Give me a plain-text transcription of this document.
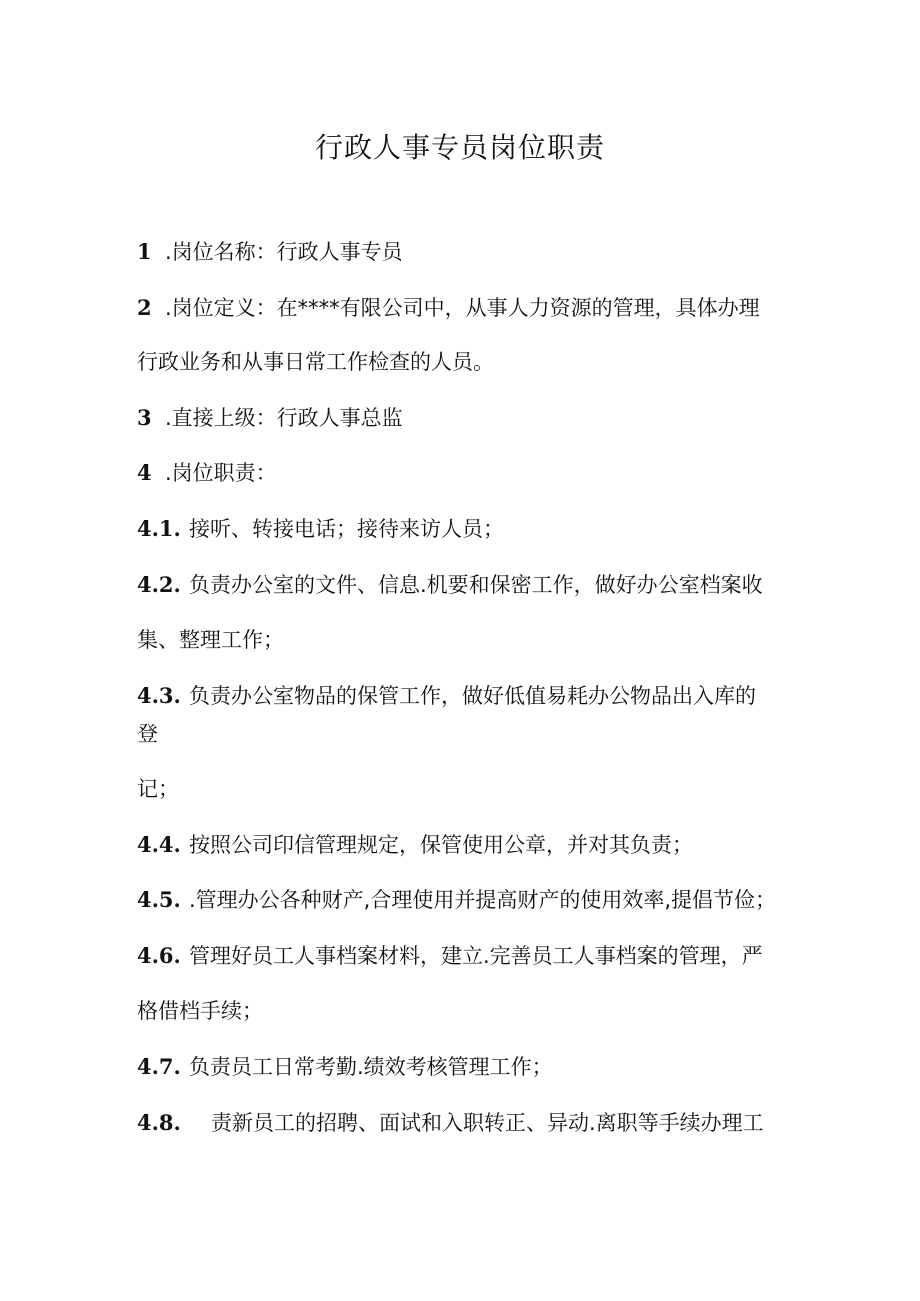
行政人事专员岗位职责
1 .岗位名称：行政人事专员
2 .岗位定义：在****有限公司中，从事人力资源的管理，具体办理
行政业务和从事日常工作检查的人员。
3 .直接上级：行政人事总监
4 .岗位职责：
4.1. 接听、转接电话；接待来访人员；
4.2. 负责办公室的文件、信息.机要和保密工作，做好办公室档案收
集、整理工作；
4.3. 负责办公室物品的保管工作，做好低值易耗办公物品出入库的
登
记；
4.4. 按照公司印信管理规定，保管使用公章，并对其负责；
4.5. .管理办公各种财产,合理使用并提高财产的使用效率,提倡节俭；
4.6. 管理好员工人事档案材料，建立.完善员工人事档案的管理，严
格借档手续；
4.7. 负责员工日常考勤.绩效考核管理工作；
4.8. 责新员工的招聘、面试和入职转正、异动.离职等手续办理工
